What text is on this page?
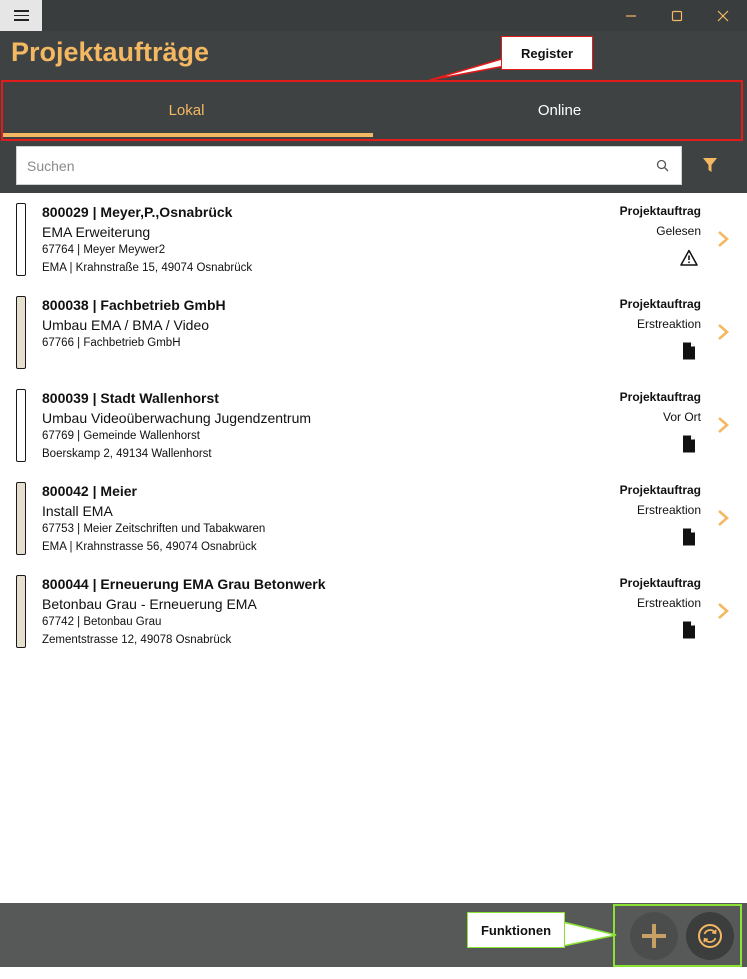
Projektaufträge
Lokal	Online
Suchen
800029 | Meyer,P.,Osnabrück
EMA Erweiterung
67764 | Meyer Meywer2
EMA | Krahnstraße 15, 49074 Osnabrück
Projektauftrag
Gelesen
800038 | Fachbetrieb GmbH
Umbau EMA / BMA / Video
67766 | Fachbetrieb GmbH
Projektauftrag
Erstreaktion
800039 | Stadt Wallenhorst
Umbau Videoüberwachung Jugendzentrum
67769 | Gemeinde Wallenhorst
Boerskamp 2, 49134 Wallenhorst
Projektauftrag
Vor Ort
800042 | Meier
Install EMA
67753 | Meier Zeitschriften und Tabakwaren
EMA | Krahnstrasse 56, 49074 Osnabrück
Projektauftrag
Erstreaktion
800044 | Erneuerung EMA Grau Betonwerk
Betonbau Grau - Erneuerung EMA
67742 | Betonbau Grau
Zementstrasse 12, 49078 Osnabrück
Projektauftrag
Erstreaktion
Register
Funktionen
